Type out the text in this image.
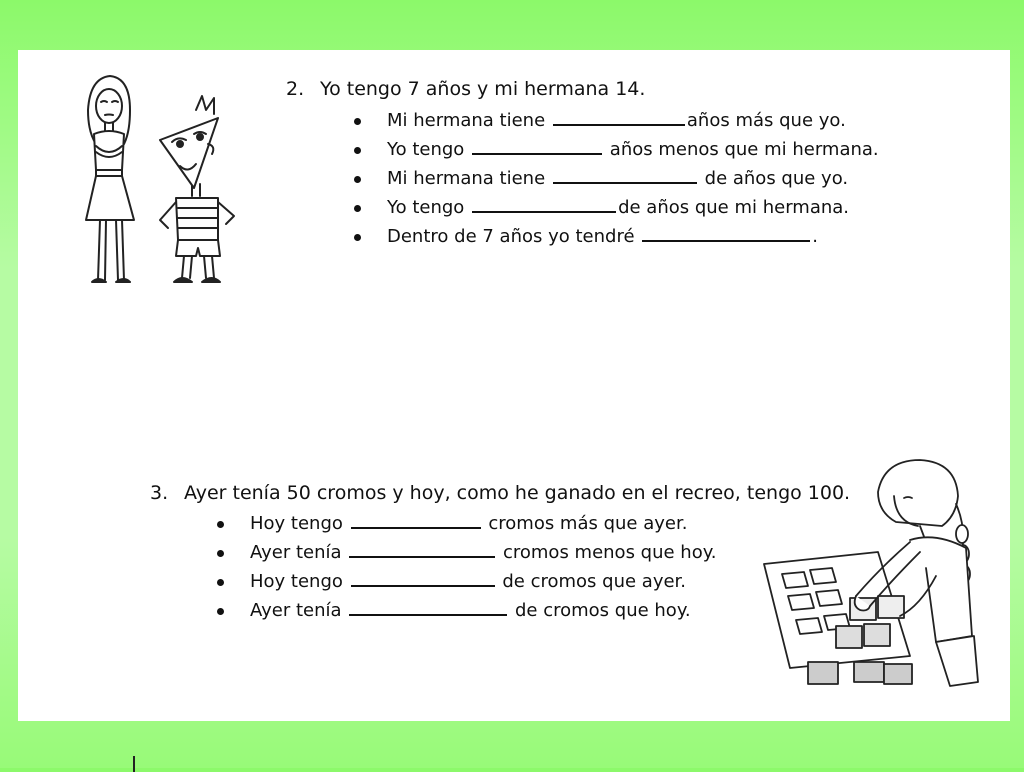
2. Yo tengo 7 años y mi hermana 14.

Mi hermana tiene	años más que yo.
Yo tengo	años menos que mi hermana.
Mi hermana tiene	de años que yo.
Yo tengo	de años que mi hermana.
Dentro de 7 años yo tendré	.

3. Ayer tenía 50 cromos y hoy, como he ganado en el recreo, tengo 100.

Hoy tengo	cromos más que ayer.
Ayer tenía	cromos menos que hoy.
Hoy tengo	de cromos que ayer.
Ayer tenía	de cromos que hoy.
